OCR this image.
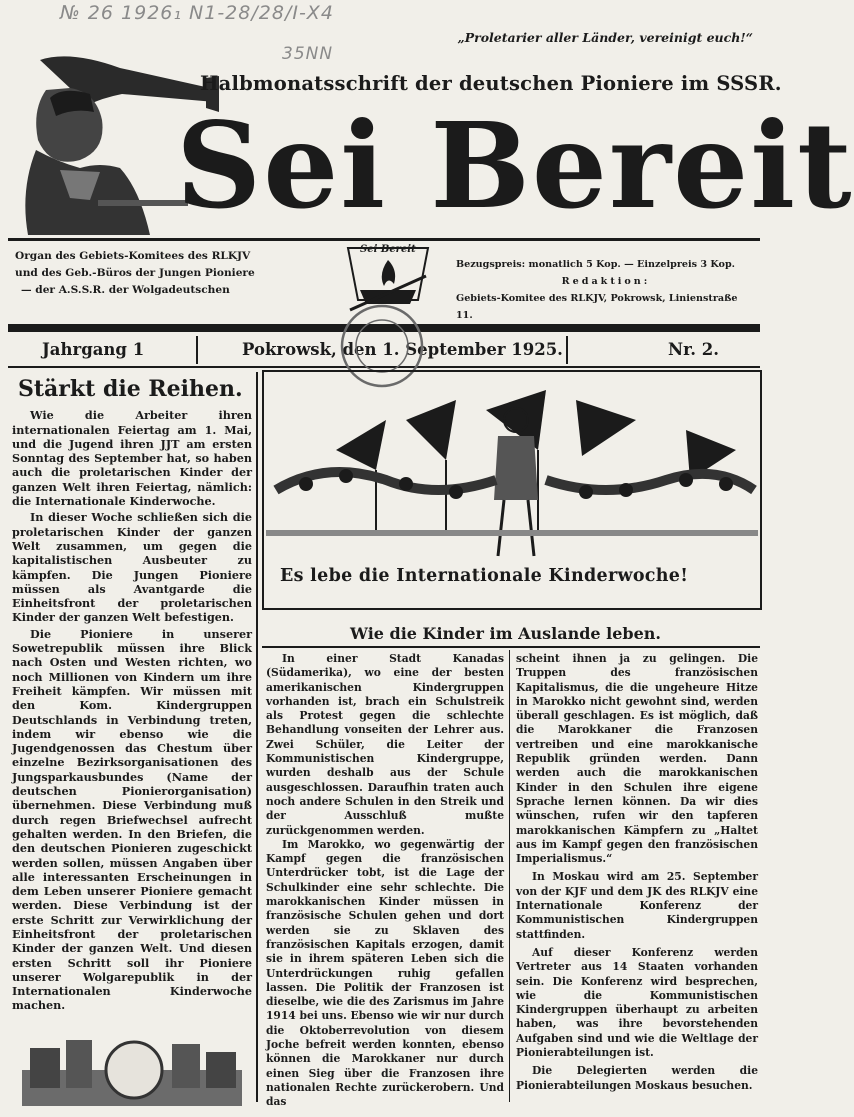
№ 26 1926₁ N1-28/28/I-Х4
35NN
„Proletarier aller Länder, vereinigt euch!“
Halbmonatsschrift der deutschen Pioniere im SSSR.
Sei Bereit
Organ des Gebiets-Komitees des RLKJV
und des Geb.-Büros der Jungen Pioniere
— der A.S.S.R. der Wolgadeutschen
Sei Bereit
Bezugspreis: monatlich 5 Kop. — Einzelpreis 3 Kop.
Redaktion:
Gebiets-Komitee des RLKJV, Pokrowsk, Linienstraße 11.
Jahrgang 1	Pokrowsk, den 1. September 1925.	Nr. 2.
Stärkt die Reihen.

Wie die Arbeiter ihren internationalen Feiertag am 1. Mai, und die Jugend ihren JJT am ersten Sonntag des September hat, so haben auch die proletarischen Kinder der ganzen Welt ihren Feiertag, nämlich: die Internationale Kinderwoche.

In dieser Woche schließen sich die proletarischen Kinder der ganzen Welt zusammen, um gegen die kapitalistischen Ausbeuter zu kämpfen. Die Jungen Pioniere müssen als Avantgarde die Einheitsfront der proletarischen Kinder der ganzen Welt befestigen.

Die Pioniere in unserer Sowetrepublik müssen ihre Blick nach Osten und Westen richten, wo noch Millionen von Kindern um ihre Freiheit kämpfen. Wir müssen mit den Kom. Kindergruppen Deutschlands in Verbindung treten, indem wir ebenso wie die Jugendgenossen das Chestum über einzelne Bezirksorganisationen des Jungsparkausbundes (Name der deutschen Pionierorganisation) übernehmen. Diese Verbindung muß durch regen Briefwechsel aufrecht gehalten werden. In den Briefen, die den deutschen Pionieren zugeschickt werden sollen, müssen Angaben über alle interessanten Erscheinungen in dem Leben unserer Pioniere gemacht werden. Diese Verbindung ist der erste Schritt zur Verwirklichung der Einheitsfront der proletarischen Kinder der ganzen Welt. Und diesen ersten Schritt soll ihr Pioniere unserer Wolgarepublik in der Internationalen Kinderwoche machen.

Es lebe die Internationale Kinderwoche!
Wie die Kinder im Auslande leben.

In einer Stadt Kanadas (Südamerika), wo eine der besten amerikanischen Kindergruppen vorhanden ist, brach ein Schulstreik als Protest gegen die schlechte Behandlung vonseiten der Lehrer aus. Zwei Schüler, die Leiter der Kommunistischen Kindergruppe, wurden deshalb aus der Schule ausgeschlossen. Daraufhin traten auch noch andere Schulen in den Streik und der Ausschluß mußte zurückgenommen werden.

Im Marokko, wo gegenwärtig der Kampf gegen die französischen Unterdrücker tobt, ist die Lage der Schulkinder eine sehr schlechte. Die marokkanischen Kinder müssen in französische Schulen gehen und dort werden sie zu Sklaven des französischen Kapitals erzogen, damit sie in ihrem späteren Leben sich die Unterdrückungen ruhig gefallen lassen. Die Politik der Franzosen ist dieselbe, wie die des Zarismus im Jahre 1914 bei uns. Ebenso wie wir nur durch die Oktoberrevolution von diesem Joche befreit werden konnten, ebenso können die Marokkaner nur durch einen Sieg über die Franzosen ihre nationalen Rechte zurückerobern. Und das

scheint ihnen ja zu gelingen. Die Truppen des französischen Kapitalismus, die die ungeheure Hitze in Marokko nicht gewohnt sind, werden überall geschlagen. Es ist möglich, daß die Marokkaner die Franzosen vertreiben und eine marokkanische Republik gründen werden. Dann werden auch die marokkanischen Kinder in den Schulen ihre eigene Sprache lernen können. Da wir dies wünschen, rufen wir den tapferen marokkanischen Kämpfern zu „Haltet aus im Kampf gegen den französischen Imperialismus.“

In Moskau wird am 25. September von der KJF und dem JK des RLKJV eine Internationale Konferenz der Kommunistischen Kindergruppen stattfinden.

Auf dieser Konferenz werden Vertreter aus 14 Staaten vorhanden sein. Die Konferenz wird besprechen, wie die Kommunistischen Kindergruppen überhaupt zu arbeiten haben, was ihre bevorstehenden Aufgaben sind und wie die Weltlage der Pionierabteilungen ist.

Die Delegierten werden die Pionierabteilungen Moskaus besuchen.
